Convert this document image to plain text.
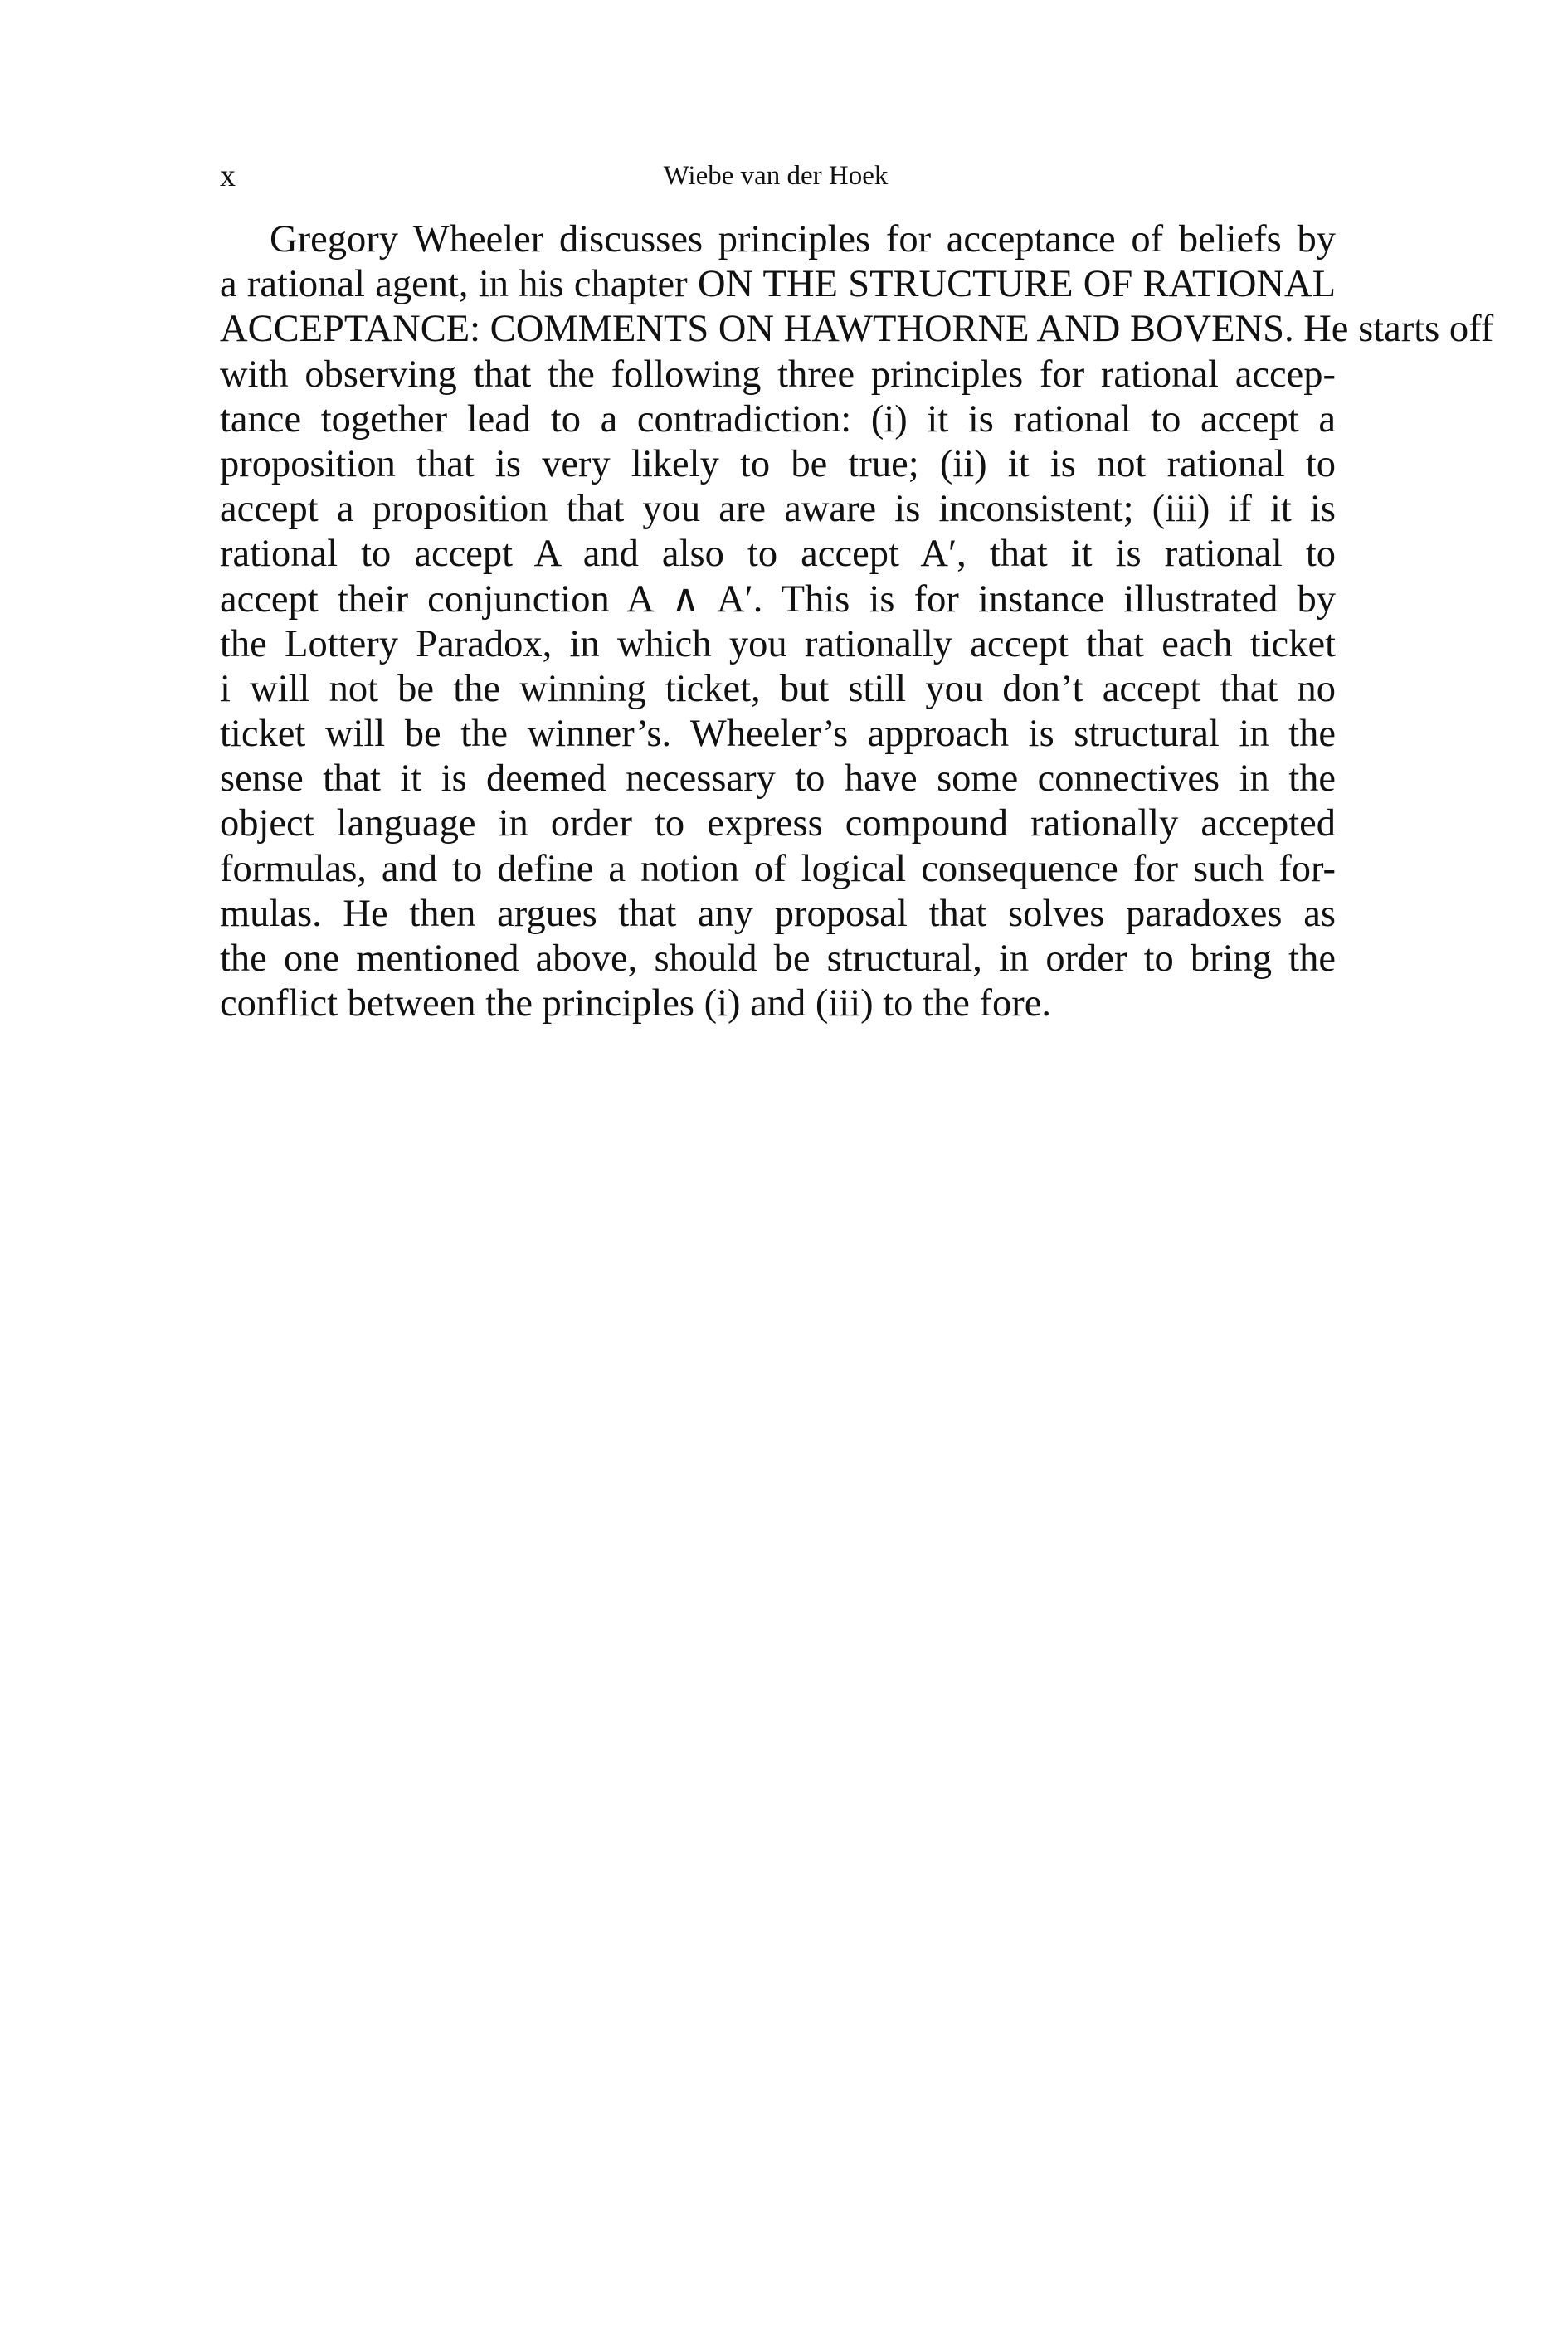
x	Wiebe van der Hoek
Gregory Wheeler discusses principles for acceptance of beliefs by
a rational agent, in his chapter ON THE STRUCTURE OF RATIONAL
ACCEPTANCE: COMMENTS ON HAWTHORNE AND BOVENS. He starts off
with observing that the following three principles for rational accep-
tance together lead to a contradiction: (i) it is rational to accept a
proposition that is very likely to be true; (ii) it is not rational to
accept a proposition that you are aware is inconsistent; (iii) if it is
rational to accept A and also to accept A′, that it is rational to
accept their conjunction A ∧ A′. This is for instance illustrated by
the Lottery Paradox, in which you rationally accept that each ticket
i will not be the winning ticket, but still you don’t accept that no
ticket will be the winner’s. Wheeler’s approach is structural in the
sense that it is deemed necessary to have some connectives in the
object language in order to express compound rationally accepted
formulas, and to define a notion of logical consequence for such for-
mulas. He then argues that any proposal that solves paradoxes as
the one mentioned above, should be structural, in order to bring the
conflict between the principles (i) and (iii) to the fore.
